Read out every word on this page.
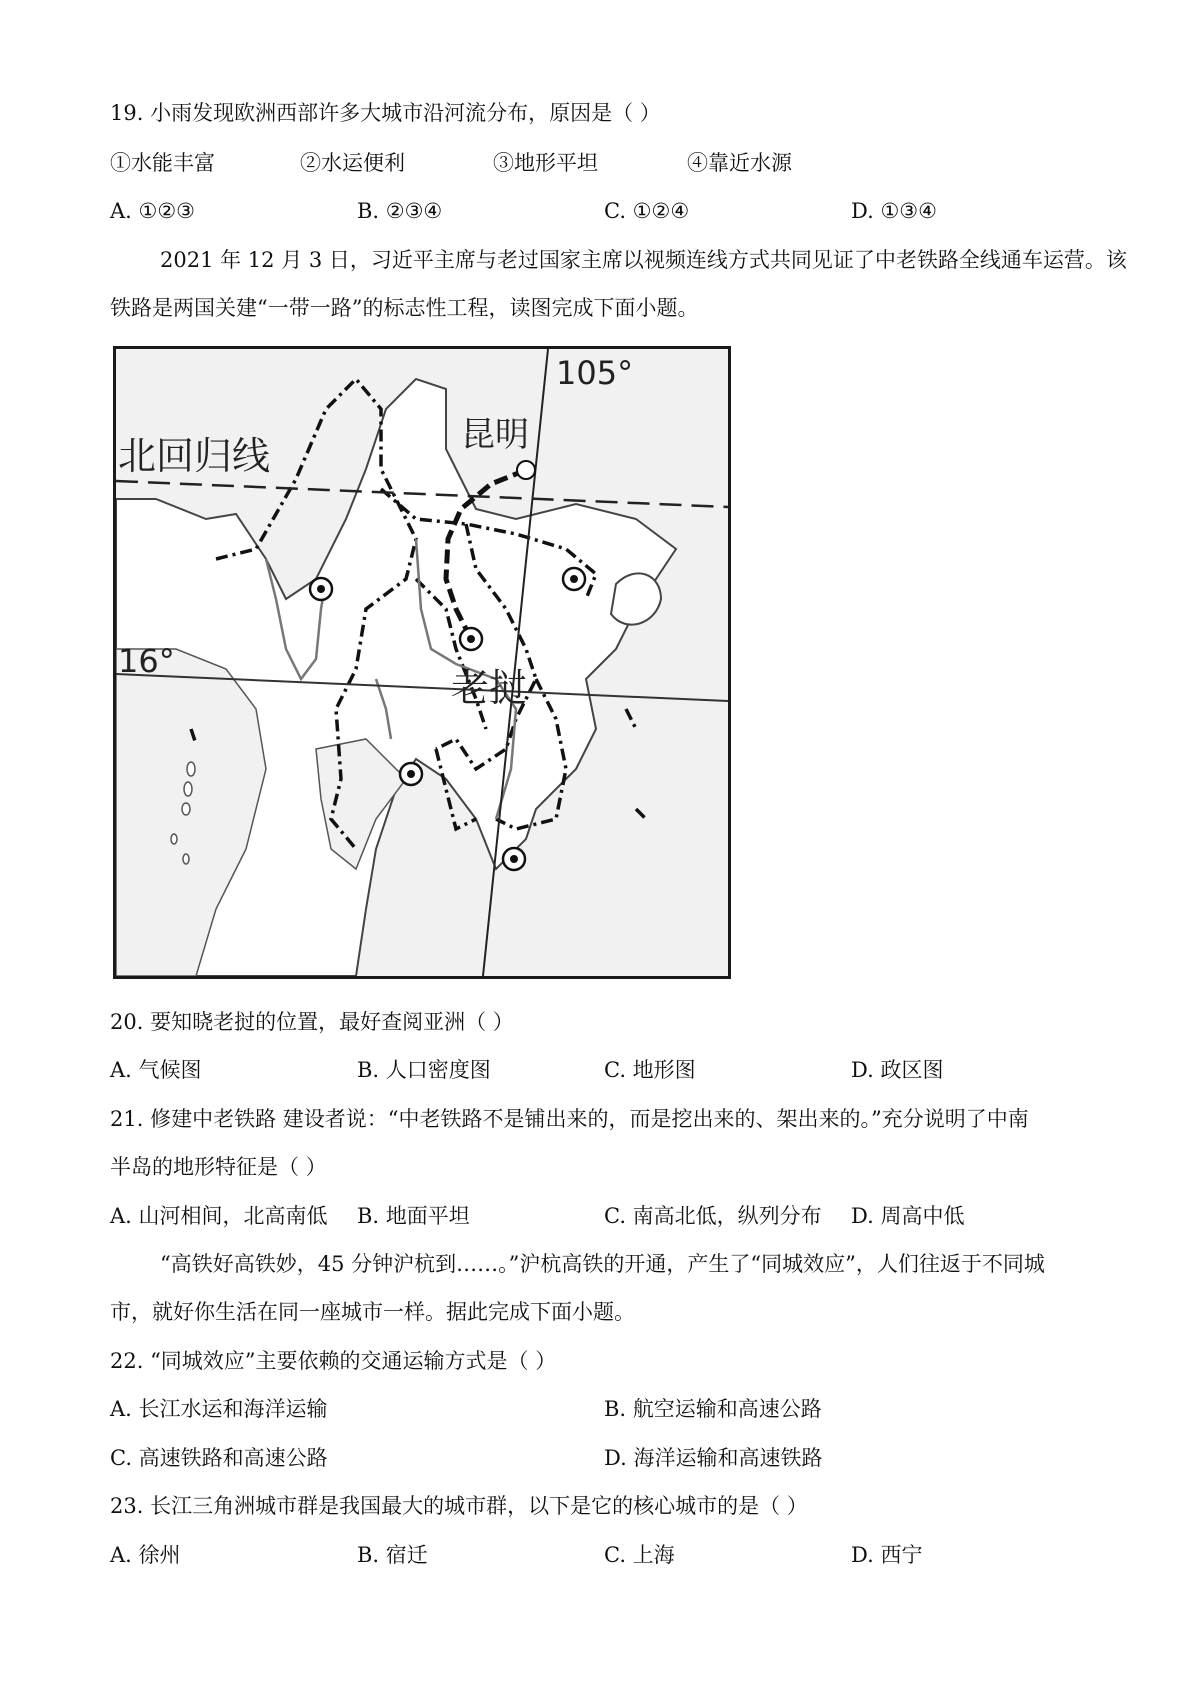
19. 小雨发现欧洲西部许多大城市沿河流分布，原因是（ ）
①水能丰富	②水运便利	③地形平坦	④靠近水源
A. ①②③	B. ②③④	C. ①②④	D. ①③④
2021 年 12 月 3 日，习近平主席与老过国家主席以视频连线方式共同见证了中老铁路全线通车运营。该
铁路是两国关建“一带一路”的标志性工程，读图完成下面小题。
105°
北回归线	昆明
16°
老挝
20. 要知晓老挝的位置，最好查阅亚洲（ ）
A. 气候图	B. 人口密度图	C. 地形图	D. 政区图
21. 修建中老铁路 建设者说：“中老铁路不是铺出来的，而是挖出来的、架出来的。”充分说明了中南
半岛的地形特征是（ ）
A. 山河相间，北高南低 B. 地面平坦	C. 南高北低，纵列分布 D. 周高中低
“高铁好高铁妙，45 分钟沪杭到……。”沪杭高铁的开通，产生了“同城效应”，人们往返于不同城
市，就好你生活在同一座城市一样。据此完成下面小题。
22. “同城效应”主要依赖的交通运输方式是（ ）
A. 长江水运和海洋运输	B. 航空运输和高速公路
C. 高速铁路和高速公路	D. 海洋运输和高速铁路
23. 长江三角洲城市群是我国最大的城市群，以下是它的核心城市的是（ ）
A. 徐州	B. 宿迁	C. 上海	D. 西宁
